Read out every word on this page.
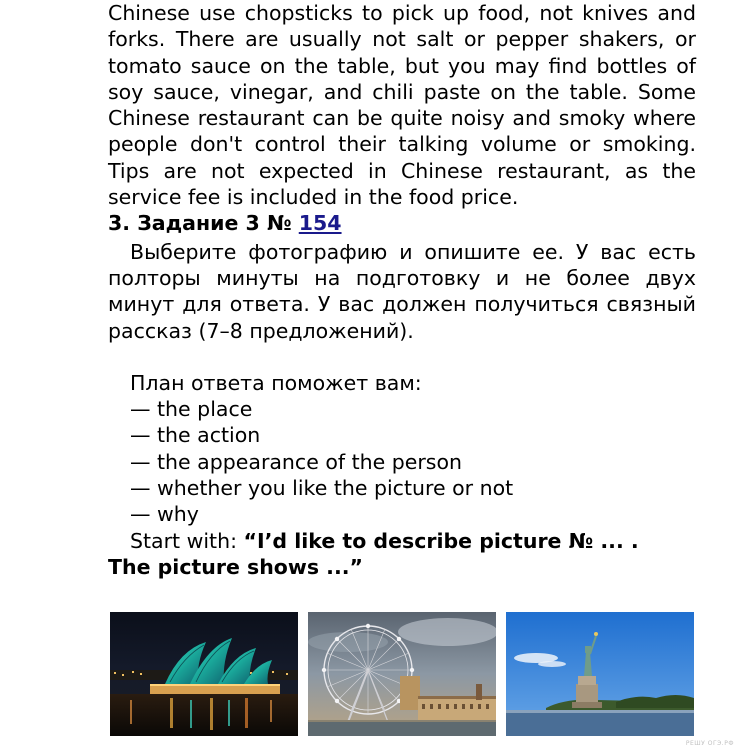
Chinese use chopsticks to pick up food, not knives and forks. There are usually not salt or pepper shakers, or tomato sauce on the table, but you may find bottles of soy sauce, vinegar, and chili paste on the table. Some Chinese restaurant can be quite noisy and smoky where people don't control their talking volume or smoking. Tips are not expected in Chinese restaurant, as the service fee is included in the food price.

3. Задание 3 № 154

Выберите фотографию и опишите ее. У вас есть полторы минуты на подготовку и не более двух минут для ответа. У вас должен получиться связный рассказ (7–8 предложений).

План ответа поможет вам:
— the place
— the action
— the appearance of the person
— whether you like the picture or not
— why
Start with: “I’d like to describe picture № ... .
The picture shows ...”
РЕШУ ОГЭ.РФ
